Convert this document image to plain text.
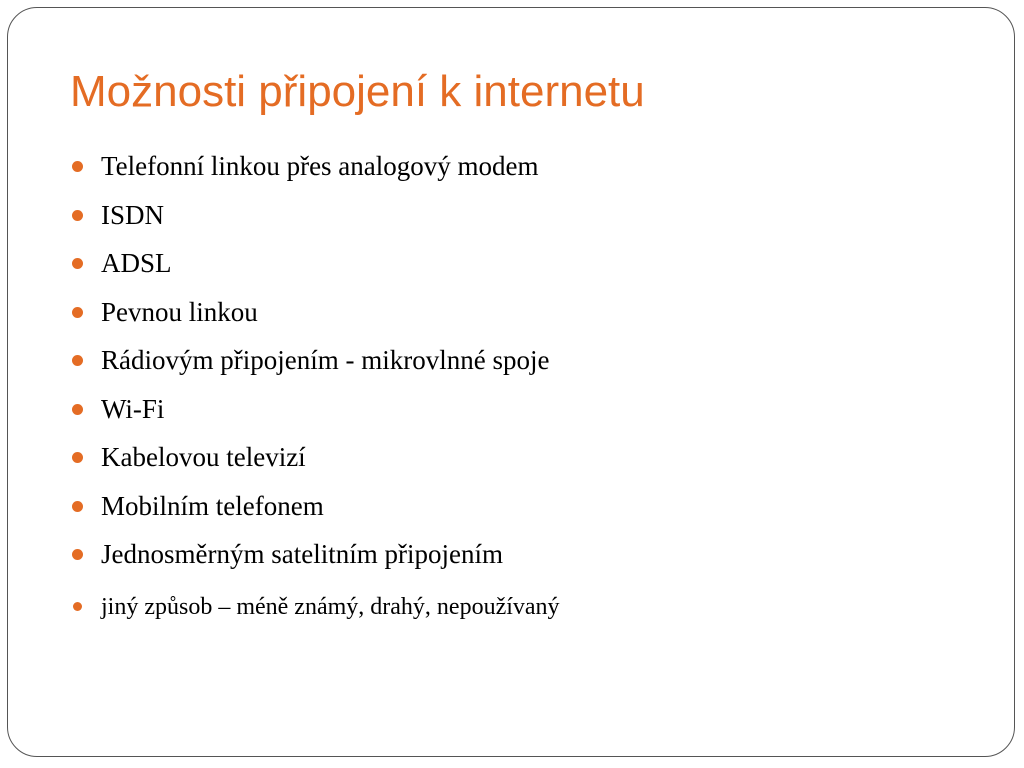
Možnosti připojení k internetu
Telefonní linkou přes analogový modem
ISDN
ADSL
Pevnou linkou
Rádiovým připojením - mikrovlnné spoje
Wi-Fi
Kabelovou televizí
Mobilním telefonem
Jednosměrným satelitním připojením
jiný způsob – méně známý, drahý, nepoužívaný
